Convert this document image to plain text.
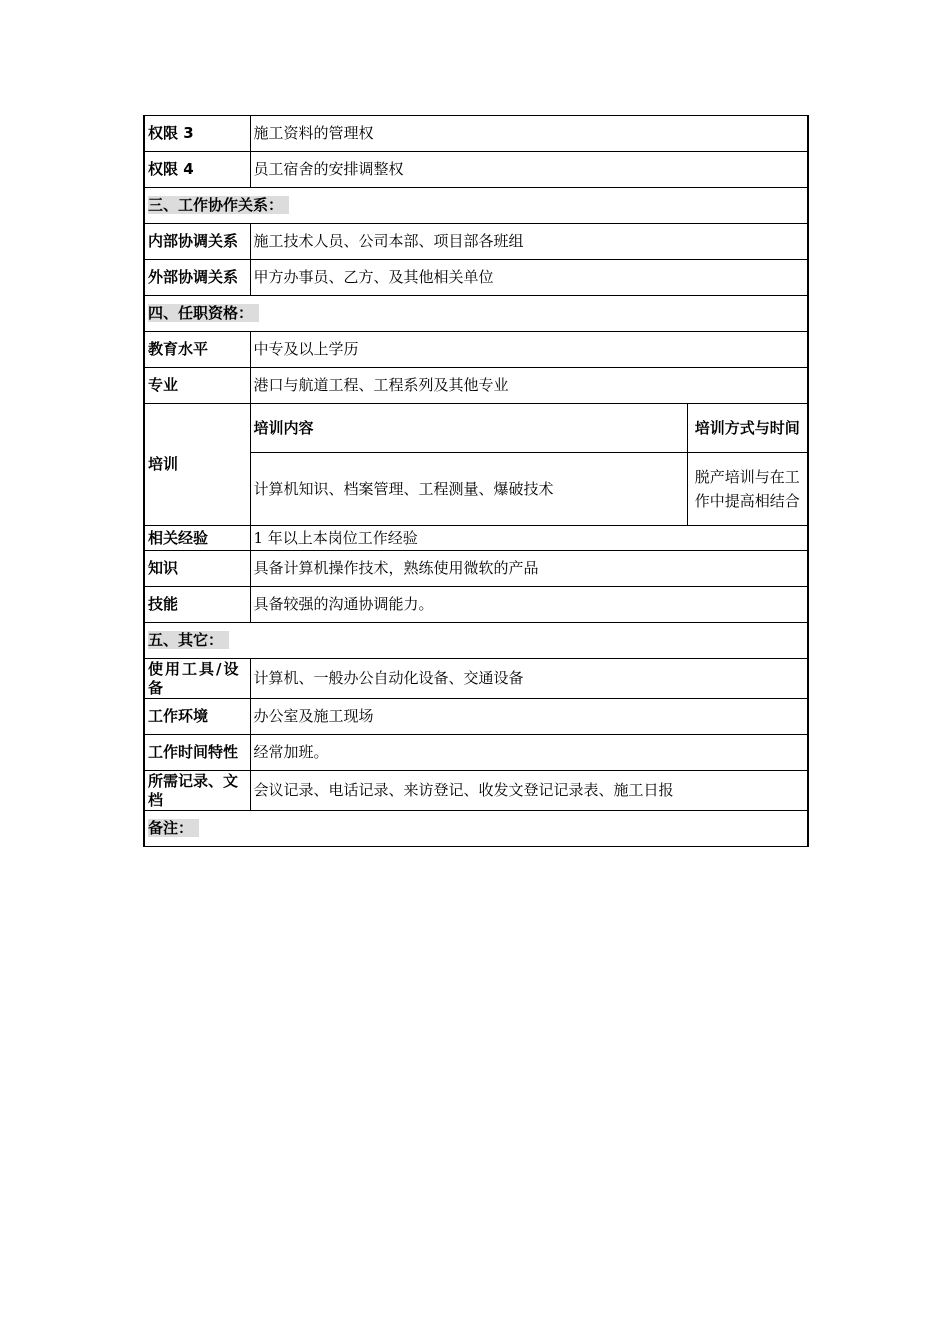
权限 3	施工资料的管理权	
权限 4	员工宿舍的安排调整权	
三、工作协作关系：		
内部协调关系	施工技术人员、公司本部、项目部各班组	
外部协调关系	甲方办事员、乙方、及其他相关单位	
四、任职资格：		
教育水平	中专及以上学历	
专业	港口与航道工程、工程系列及其他专业	
培训	培训内容	培训方式与时间
	计算机知识、档案管理、工程测量、爆破技术	脱产培训与在工作中提高相结合
相关经验	1 年以上本岗位工作经验	
知识	具备计算机操作技术，熟练使用微软的产品	
技能	具备较强的沟通协调能力。	
五、其它：		
使用工具/设备	计算机、一般办公自动化设备、交通设备	
工作环境	办公室及施工现场	
工作时间特性	经常加班。	
所需记录、文档	会议记录、电话记录、来访登记、收发文登记记录表、施工日报	
备注：		
